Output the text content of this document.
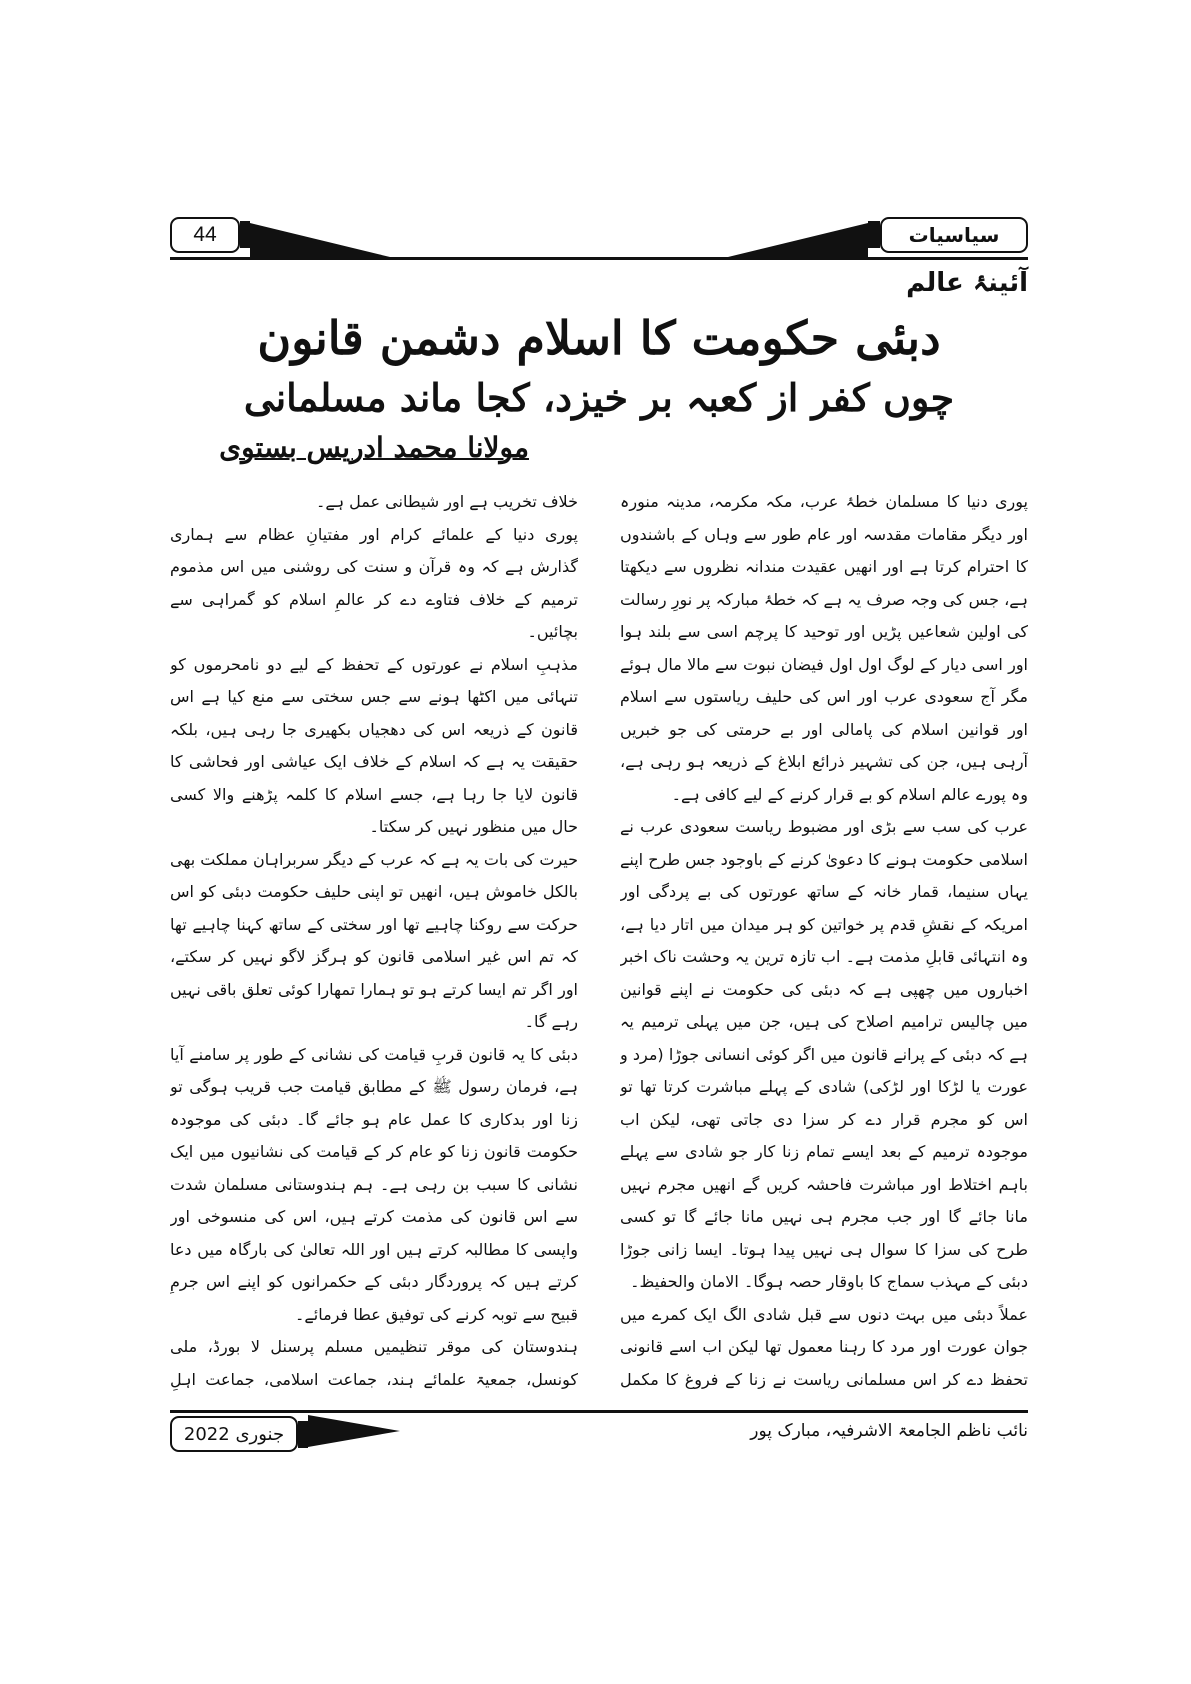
44	سیاسیات
آئینۂ عالم
دبئی حکومت کا اسلام دشمن قانون
چوں کفر از کعبہ بر خیزد، کجا ماند مسلمانی
مولانا محمد ادریس بستوی

پوری دنیا کا مسلمان خطۂ عرب، مکہ مکرمہ، مدینہ منورہ اور دیگر مقامات مقدسہ اور عام طور سے وہاں کے باشندوں کا احترام کرتا ہے اور انھیں عقیدت مندانہ نظروں سے دیکھتا ہے، جس کی وجہ صرف یہ ہے کہ خطۂ مبارکہ پر نورِ رسالت کی اولین شعاعیں پڑیں اور توحید کا پرچم اسی سے بلند ہوا اور اسی دیار کے لوگ اول اول فیضان نبوت سے مالا مال ہوئے مگر آج سعودی عرب اور اس کی حلیف ریاستوں سے اسلام اور قوانین اسلام کی پامالی اور بے حرمتی کی جو خبریں آرہی ہیں، جن کی تشہیر ذرائع ابلاغ کے ذریعہ ہو رہی ہے، وہ پورے عالم اسلام کو بے قرار کرنے کے لیے کافی ہے۔

عرب کی سب سے بڑی اور مضبوط ریاست سعودی عرب نے اسلامی حکومت ہونے کا دعویٰ کرنے کے باوجود جس طرح اپنے یہاں سنیما، قمار خانہ کے ساتھ عورتوں کی بے پردگی اور امریکہ کے نقشِ قدم پر خواتین کو ہر میدان میں اتار دیا ہے، وہ انتہائی قابلِ مذمت ہے۔ اب تازہ ترین یہ وحشت ناک اخبر اخباروں میں چھپی ہے کہ دبئی کی حکومت نے اپنے قوانین میں چالیس ترامیم اصلاح کی ہیں، جن میں پہلی ترمیم یہ ہے کہ دبئی کے پرانے قانون میں اگر کوئی انسانی جوڑا (مرد و عورت یا لڑکا اور لڑکی) شادی کے پہلے مباشرت کرتا تھا تو اس کو مجرم قرار دے کر سزا دی جاتی تھی، لیکن اب موجودہ ترمیم کے بعد ایسے تمام زنا کار جو شادی سے پہلے باہم اختلاط اور مباشرت فاحشہ کریں گے انھیں مجرم نہیں مانا جائے گا اور جب مجرم ہی نہیں مانا جائے گا تو کسی طرح کی سزا کا سوال ہی نہیں پیدا ہوتا۔ ایسا زانی جوڑا دبئی کے مہذب سماج کا باوقار حصہ ہوگا۔ الامان والحفیظ۔

عملاً دبئی میں بہت دنوں سے قبل شادی الگ ایک کمرے میں جوان عورت اور مرد کا رہنا معمول تھا لیکن اب اسے قانونی تحفظ دے کر اس مسلمانی ریاست نے زنا کے فروغ کا مکمل

خلاف تخریب ہے اور شیطانی عمل ہے۔

پوری دنیا کے علمائے کرام اور مفتیانِ عظام سے ہماری گذارش ہے کہ وہ قرآن و سنت کی روشنی میں اس مذموم ترمیم کے خلاف فتاوے دے کر عالمِ اسلام کو گمراہی سے بچائیں۔

مذہبِ اسلام نے عورتوں کے تحفظ کے لیے دو نامحرموں کو تنہائی میں اکٹھا ہونے سے جس سختی سے منع کیا ہے اس قانون کے ذریعہ اس کی دھجیاں بکھیری جا رہی ہیں، بلکہ حقیقت یہ ہے کہ اسلام کے خلاف ایک عیاشی اور فحاشی کا قانون لایا جا رہا ہے، جسے اسلام کا کلمہ پڑھنے والا کسی حال میں منظور نہیں کر سکتا۔

حیرت کی بات یہ ہے کہ عرب کے دیگر سربراہان مملکت بھی بالکل خاموش ہیں، انھیں تو اپنی حلیف حکومت دبئی کو اس حرکت سے روکنا چاہیے تھا اور سختی کے ساتھ کہنا چاہیے تھا کہ تم اس غیر اسلامی قانون کو ہرگز لاگو نہیں کر سکتے، اور اگر تم ایسا کرتے ہو تو ہمارا تمھارا کوئی تعلق باقی نہیں رہے گا۔

دبئی کا یہ قانون قربِ قیامت کی نشانی کے طور پر سامنے آیا ہے، فرمان رسول ﷺ کے مطابق قیامت جب قریب ہوگی تو زنا اور بدکاری کا عمل عام ہو جائے گا۔ دبئی کی موجودہ حکومت قانون زنا کو عام کر کے قیامت کی نشانیوں میں ایک نشانی کا سبب بن رہی ہے۔ ہم ہندوستانی مسلمان شدت سے اس قانون کی مذمت کرتے ہیں، اس کی منسوخی اور واپسی کا مطالبہ کرتے ہیں اور اللہ تعالیٰ کی بارگاہ میں دعا کرتے ہیں کہ پروردگار دبئی کے حکمرانوں کو اپنے اس جرمِ قبیح سے توبہ کرنے کی توفیق عطا فرمائے۔

ہندوستان کی موقر تنظیمیں مسلم پرسنل لا بورڈ، ملی کونسل، جمعیۃ علمائے ہند، جماعت اسلامی، جماعت اہلِ

جنوری 2022	نائب ناظم الجامعۃ الاشرفیہ، مبارک پور
